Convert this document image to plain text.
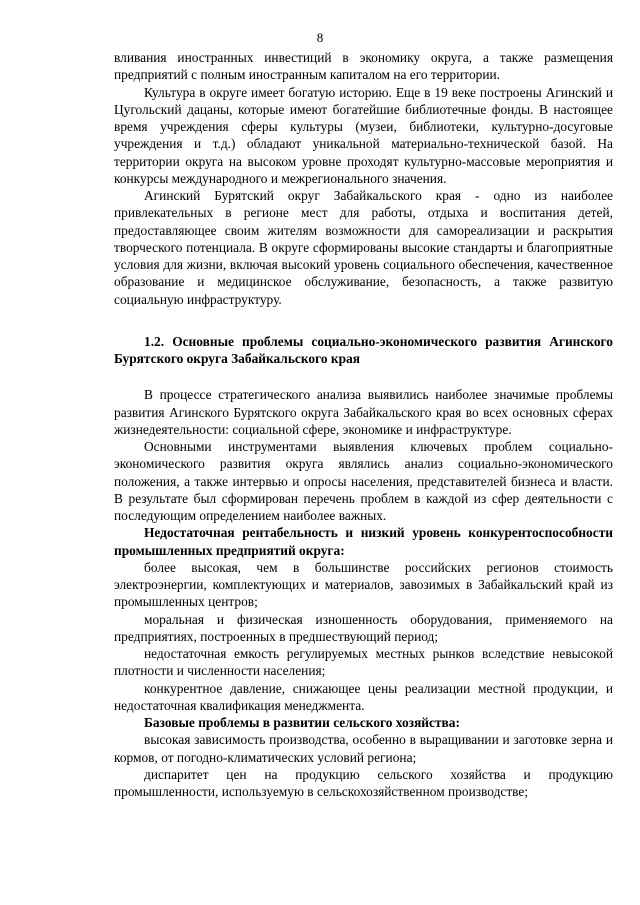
8

вливания иностранных инвестиций в экономику округа, а также размещения предприятий с полным иностранным капиталом на его территории.

Культура в округе имеет богатую историю. Еще в 19 веке построены Агинский и Цугольский дацаны, которые имеют богатейшие библиотечные фонды. В настоящее время учреждения сферы культуры (музеи, библиотеки, культурно-досуговые учреждения и т.д.) обладают уникальной материально-технической базой. На территории округа на высоком уровне проходят культурно-массовые мероприятия и конкурсы международного и межрегионального значения.

Агинский Бурятский округ Забайкальского края - одно из наиболее привлекательных в регионе мест для работы, отдыха и воспитания детей, предоставляющее своим жителям возможности для самореализации и раскрытия творческого потенциала. В округе сформированы высокие стандарты и благоприятные условия для жизни, включая высокий уровень социального обеспечения, качественное образование и медицинское обслуживание, безопасность, а также развитую социальную инфраструктуру.

1.2. Основные проблемы социально-экономического развития Агинского Бурятского округа Забайкальского края

В процессе стратегического анализа выявились наиболее значимые проблемы развития Агинского Бурятского округа Забайкальского края во всех основных сферах жизнедеятельности: социальной сфере, экономике и инфраструктуре.

Основными инструментами выявления ключевых проблем социально-экономического развития округа являлись анализ социально-экономического положения, а также интервью и опросы населения, представителей бизнеса и власти. В результате был сформирован перечень проблем в каждой из сфер деятельности с последующим определением наиболее важных.

Недостаточная рентабельность и низкий уровень конкурентоспособности промышленных предприятий округа:

более высокая, чем в большинстве российских регионов стоимость электроэнергии, комплектующих и материалов, завозимых в Забайкальский край из промышленных центров;

моральная и физическая изношенность оборудования, применяемого на предприятиях, построенных в предшествующий период;

недостаточная емкость регулируемых местных рынков вследствие невысокой плотности и численности населения;

конкурентное давление, снижающее цены реализации местной продукции, и недостаточная квалификация менеджмента.

Базовые проблемы в развитии сельского хозяйства:

высокая зависимость производства, особенно в выращивании и заготовке зерна и кормов, от погодно-климатических условий региона;

диспаритет цен на продукцию сельского хозяйства и продукцию промышленности, используемую в сельскохозяйственном производстве;
